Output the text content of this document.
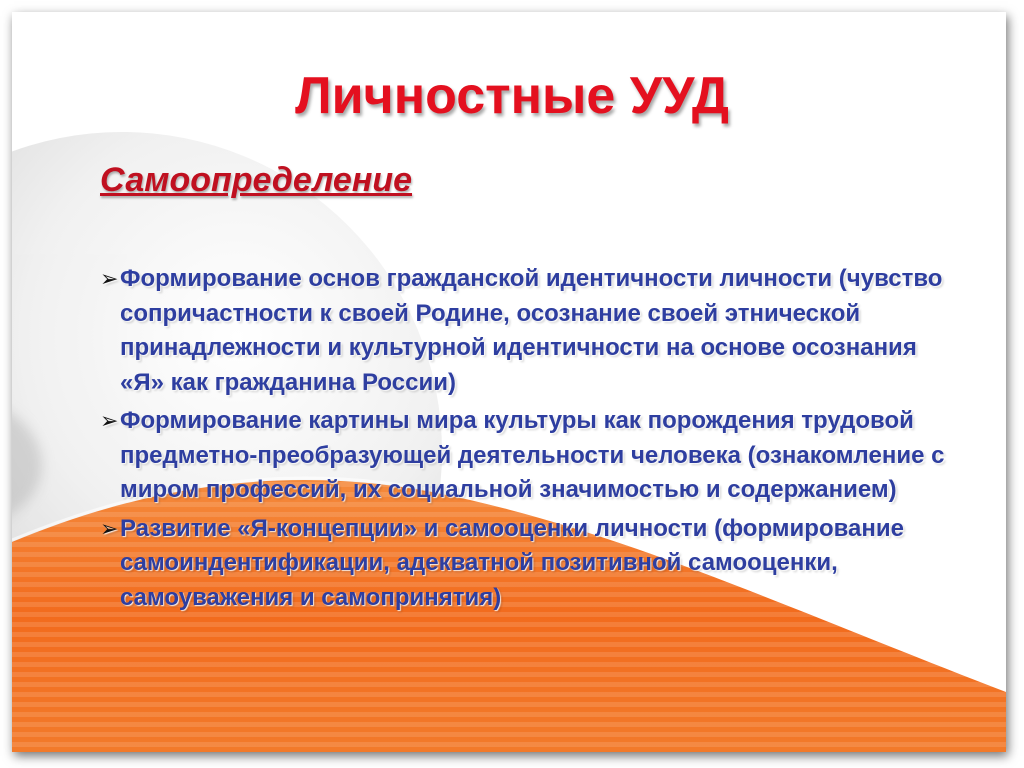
Личностные УУД
Самоопределение
➢ Формирование основ гражданской идентичности личности (чувство сопричастности к своей Родине, осознание своей этнической принадлежности и культурной идентичности на основе осознания «Я» как гражданина России)
➢ Формирование картины мира культуры как порождения трудовой предметно-преобразующей деятельности человека (ознакомление с миром профессий, их социальной значимостью и содержанием)
➢ Развитие «Я-концепции» и самооценки личности (формирование самоиндентификации, адекватной позитивной самооценки, самоуважения и самопринятия)
